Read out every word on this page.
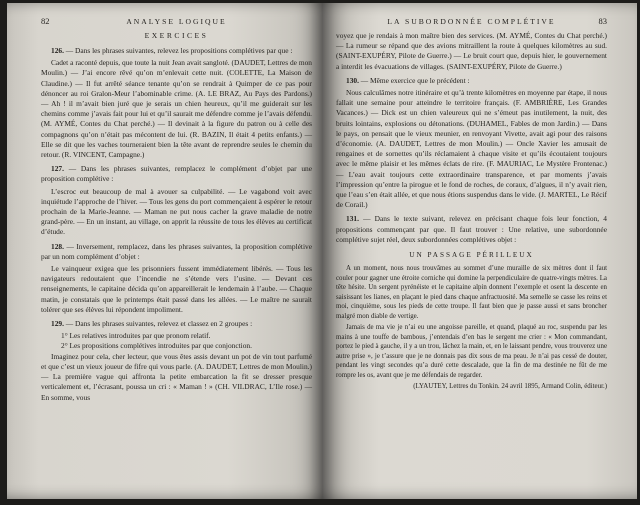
82	ANALYSE LOGIQUE
EXERCICES

126. — Dans les phrases suivantes, relevez les propositions complétives par que :

Cadet a raconté depuis, que toute la nuit Jean avait sangloté. (DAUDET, Lettres de mon Moulin.) — J’ai encore rêvé qu’on m’enlevait cette nuit. (COLETTE, La Maison de Claudine.) — Il fut arrêté séance tenante qu’on se rendrait à Quimper de ce pas pour dénoncer au roi Gralon-Meur l’abominable crime. (A. LE BRAZ, Au Pays des Pardons.) — Ah ! il m’avait bien juré que je serais un chien heureux, qu’il me guiderait sur les chemins comme j’avais fait pour lui et qu’il saurait me défendre comme je l’avais défendu. (M. AYMÉ, Contes du Chat perché.) — Il devinait à la figure du patron ou à celle des compagnons qu’on n’était pas mécontent de lui. (R. BAZIN, Il était 4 petits enfants.) — Elle se dit que les vaches tourneraient bien la tête avant de reprendre seules le chemin du retour. (R. VINCENT, Campagne.)

127. — Dans les phrases suivantes, remplacez le complément d’objet par une proposition complétive :

L’escroc eut beaucoup de mal à avouer sa culpabilité. — Le vagabond voit avec inquiétude l’approche de l’hiver. — Tous les gens du port commençaient à espérer le retour prochain de la Marie-Jeanne. — Maman ne put nous cacher la grave maladie de notre grand-père. — En un instant, au village, on apprit la réussite de tous les élèves au certificat d’étude.

128. — Inversement, remplacez, dans les phrases suivantes, la proposition complétive par un nom complément d’objet :

Le vainqueur exigea que les prisonniers fussent immédiatement libérés. — Tous les navigateurs redoutaient que l’incendie ne s’étende vers l’usine. — Devant ces renseignements, le capitaine décida qu’on appareillerait le lendemain à l’aube. — Chaque matin, je constatais que le printemps était passé dans les allées. — Le maître ne saurait tolérer que ses élèves lui répondent impoliment.

129. — Dans les phrases suivantes, relevez et classez en 2 groupes :

1° Les relatives introduites par que pronom relatif.

2° Les propositions complétives introduites par que conjonction.

Imaginez pour cela, cher lecteur, que vous êtes assis devant un pot de vin tout parfumé et que c’est un vieux joueur de fifre qui vous parle. (A. DAUDET, Lettres de mon Moulin.) — La première vague qui affronta la petite embarcation la fit se dresser presque verticalement et, l’écrasant, poussa un cri : « Maman ! » (CH. VILDRAC, L’Ile rose.) — En somme, vous

LA SUBORDONNÉE COMPLÉTIVE	83

voyez que je rendais à mon maître bien des services. (M. AYMÉ, Contes du Chat perché.) — La rumeur se répand que des avions mitraillent la route à quelques kilomètres au sud. (SAINT-EXUPÉRY, Pilote de Guerre.) — Le bruit court que, depuis hier, le gouvernement a interdit les évacuations de villages. (SAINT-EXUPÉRY, Pilote de Guerre.)

130. — Même exercice que le précédent :

Nous calculâmes notre itinéraire et qu’à trente kilomètres en moyenne par étape, il nous fallait une semaine pour atteindre le territoire français. (F. AMBRIÈRE, Les Grandes Vacances.) — Dick est un chien valeureux qui ne s’émeut pas inutilement, la nuit, des bruits lointains, explosions ou détonations. (DUHAMEL, Fables de mon Jardin.) — Dans le pays, on pensait que le vieux meunier, en renvoyant Vivette, avait agi pour des raisons d’économie. (A. DAUDET, Lettres de mon Moulin.) — Oncle Xavier les amusait de rengaines et de sornettes qu’ils réclamaient à chaque visite et qu’ils écoutaient toujours avec le même plaisir et les mêmes éclats de rire. (F. MAURIAC, Le Mystère Frontenac.) — L’eau avait toujours cette extraordinaire transparence, et par moments j’avais l’impression qu’entre la pirogue et le fond de roches, de coraux, d’algues, il n’y avait rien, que l’eau s’en était allée, et que nous étions suspendus dans le vide. (J. MARTEL, Le Récif de Corail.)

131. — Dans le texte suivant, relevez en précisant chaque fois leur fonction, 4 propositions commençant par que. Il faut trouver : Une relative, une subordonnée complétive sujet réel, deux subordonnées complétives objet :

UN PASSAGE PÉRILLEUX

A un moment, nous nous trouvâmes au sommet d’une muraille de six mètres dont il faut couler pour gagner une étroite corniche qui domine la perpendiculaire de quatre-vingts mètres. La tête hésite. Un sergent pyrénéiste et le capitaine alpin donnent l’exemple et osent la descente en saisissant les lianes, en plaçant le pied dans chaque anfractuosité. Ma semelle se casse les reins et moi, cinquième, sous les pieds de cette troupe. Il faut bien que je passe aussi et sans broncher malgré mon diable de vertige.

Jamais de ma vie je n’ai eu une angoisse pareille, et quand, plaqué au roc, suspendu par les mains à une touffe de bambous, j’entendais d’en bas le sergent me crier : « Mon commandant, portez le pied à gauche, il y a un trou, lâchez la main, et, en le laissant pendre, vous trouverez une autre prise », je t’assure que je ne donnais pas dix sous de ma peau. Je n’ai pas cessé de douter, pendant les vingt secondes qu’a duré cette descalade, que la fin de ma destinée ne fût de me rompre les os, avant que je me défendais de regarder.

(LYAUTEY, Lettres du Tonkin. 24 avril 1895, Armand Colin, éditeur.)
